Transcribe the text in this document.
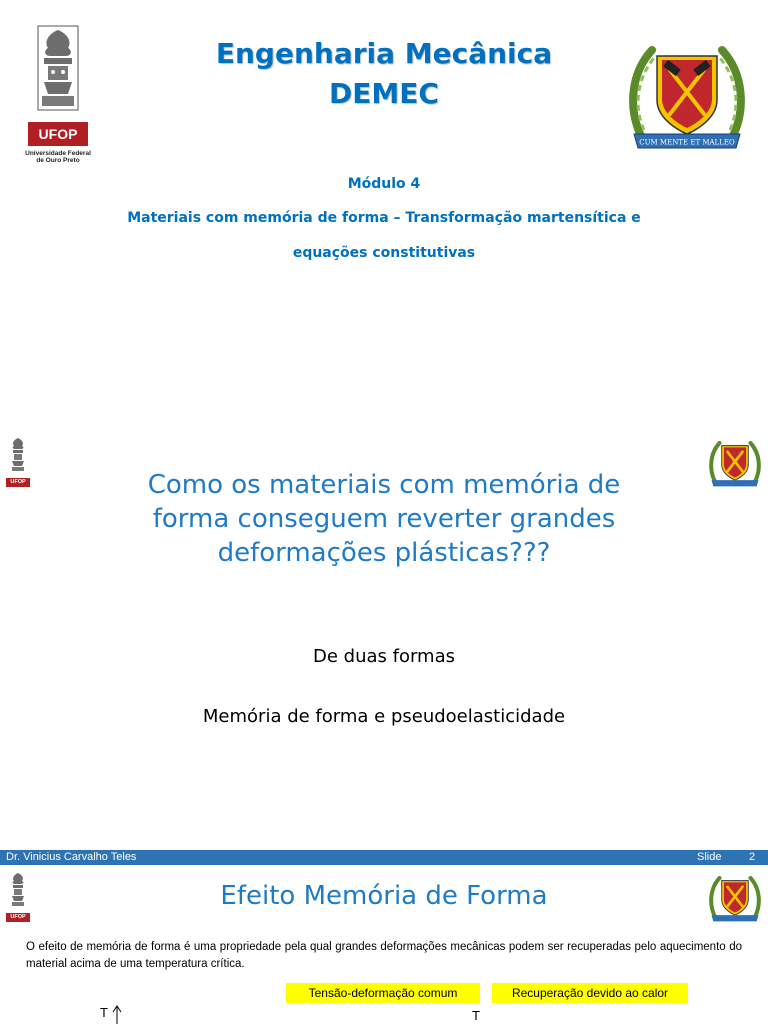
UFOP
Universidade Federal
de Ouro Preto
Engenharia Mecânica
DEMEC
CUM MENTE ET MALLEO
Módulo 4
Materiais com memória de forma – Transformação martensítica e
equações constitutivas
UFOP	Como os materiais com memória de
forma conseguem reverter grandes
deformações plásticas???
De duas formas
Memória de forma e pseudoelasticidade
Dr. Vinicius Carvalho Teles	Slide	2
UFOP
Efeito Memória de Forma
O efeito de memória de forma é uma propriedade pela qual grandes deformações mecânicas podem ser recuperadas pelo aquecimento do material acima de uma temperatura crítica.
Tensão-deformação comum	Recuperação devido ao calor
T	T
